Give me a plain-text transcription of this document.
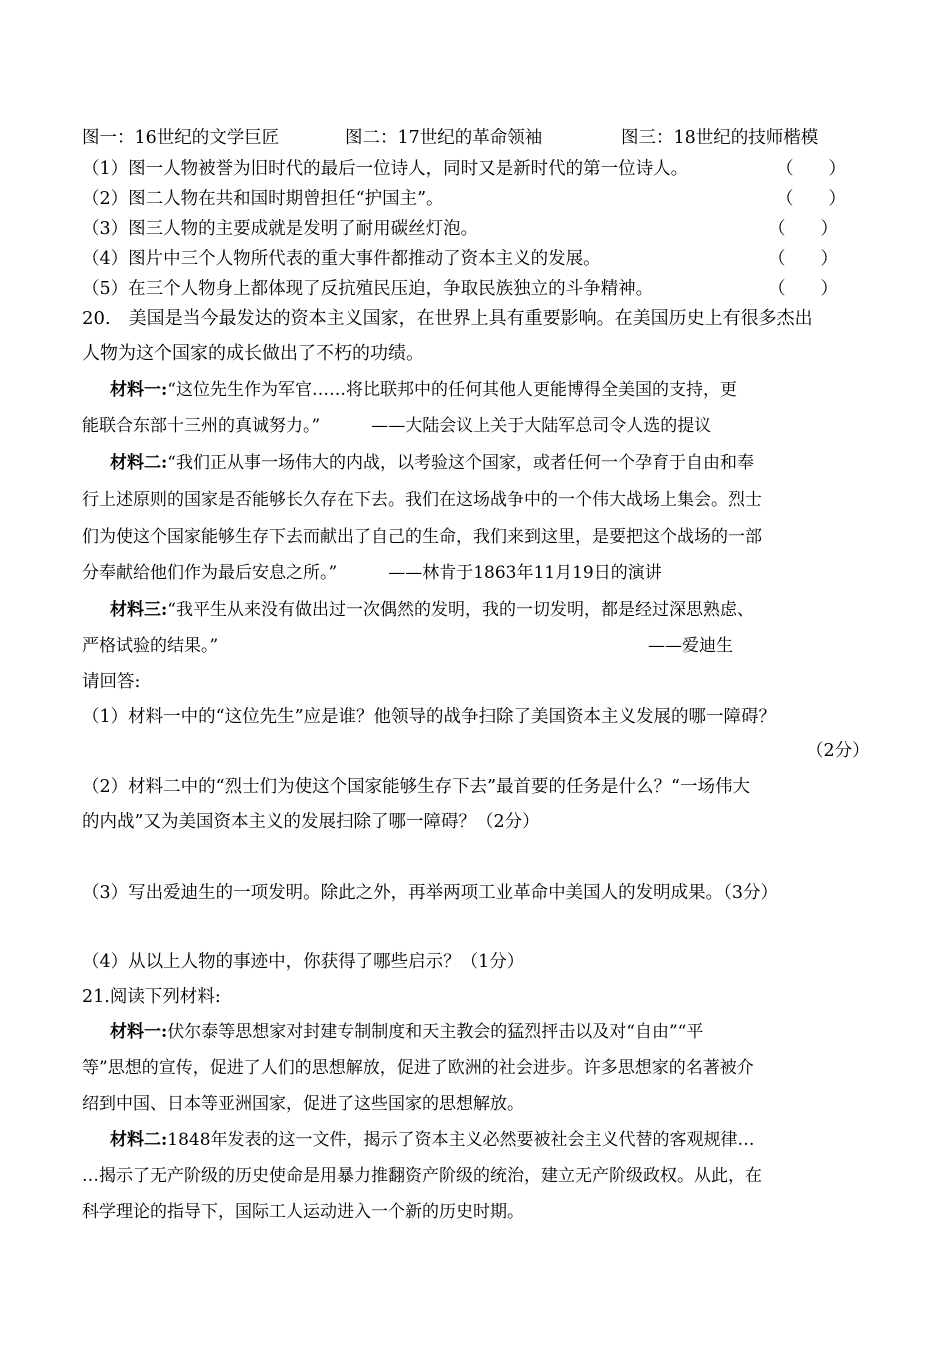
图一：16世纪的文学巨匠	图二：17世纪的革命领袖	图三：18世纪的技师楷模
（1）图一人物被誉为旧时代的最后一位诗人，同时又是新时代的第一位诗人。	（　　）
（2）图二人物在共和国时期曾担任“护国主”。	（　　）
（3）图三人物的主要成就是发明了耐用碳丝灯泡。	（　　）
（4）图片中三个人物所代表的重大事件都推动了资本主义的发展。	（　　）
（5）在三个人物身上都体现了反抗殖民压迫，争取民族独立的斗争精神。	（　　）
20.　美国是当今最发达的资本主义国家，在世界上具有重要影响。在美国历史上有很多杰出
人物为这个国家的成长做出了不朽的功绩。
材料一:“这位先生作为军官……将比联邦中的任何其他人更能博得全美国的支持，更
能联合东部十三州的真诚努力。”　　　——大陆会议上关于大陆军总司令人选的提议
材料二:“我们正从事一场伟大的内战，以考验这个国家，或者任何一个孕育于自由和奉
行上述原则的国家是否能够长久存在下去。我们在这场战争中的一个伟大战场上集会。烈士
们为使这个国家能够生存下去而献出了自己的生命，我们来到这里，是要把这个战场的一部
分奉献给他们作为最后安息之所。”　　　——林肯于1863年11月19日的演讲
材料三:“我平生从来没有做出过一次偶然的发明，我的一切发明，都是经过深思熟虑、
严格试验的结果。”	——爱迪生
请回答:
（1）材料一中的“这位先生”应是谁？他领导的战争扫除了美国资本主义发展的哪一障碍？
（2分）
（2）材料二中的“烈士们为使这个国家能够生存下去”最首要的任务是什么？“一场伟大
的内战”又为美国资本主义的发展扫除了哪一障碍？（2分）
（3）写出爱迪生的一项发明。除此之外，再举两项工业革命中美国人的发明成果。（3分）
（4）从以上人物的事迹中，你获得了哪些启示？（1分）
21.阅读下列材料:
材料一:伏尔泰等思想家对封建专制制度和天主教会的猛烈抨击以及对“自由”“平
等”思想的宣传，促进了人们的思想解放，促进了欧洲的社会进步。许多思想家的名著被介
绍到中国、日本等亚洲国家，促进了这些国家的思想解放。
材料二:1848年发表的这一文件，揭示了资本主义必然要被社会主义代替的客观规律…
…揭示了无产阶级的历史使命是用暴力推翻资产阶级的统治，建立无产阶级政权。从此，在
科学理论的指导下，国际工人运动进入一个新的历史时期。
